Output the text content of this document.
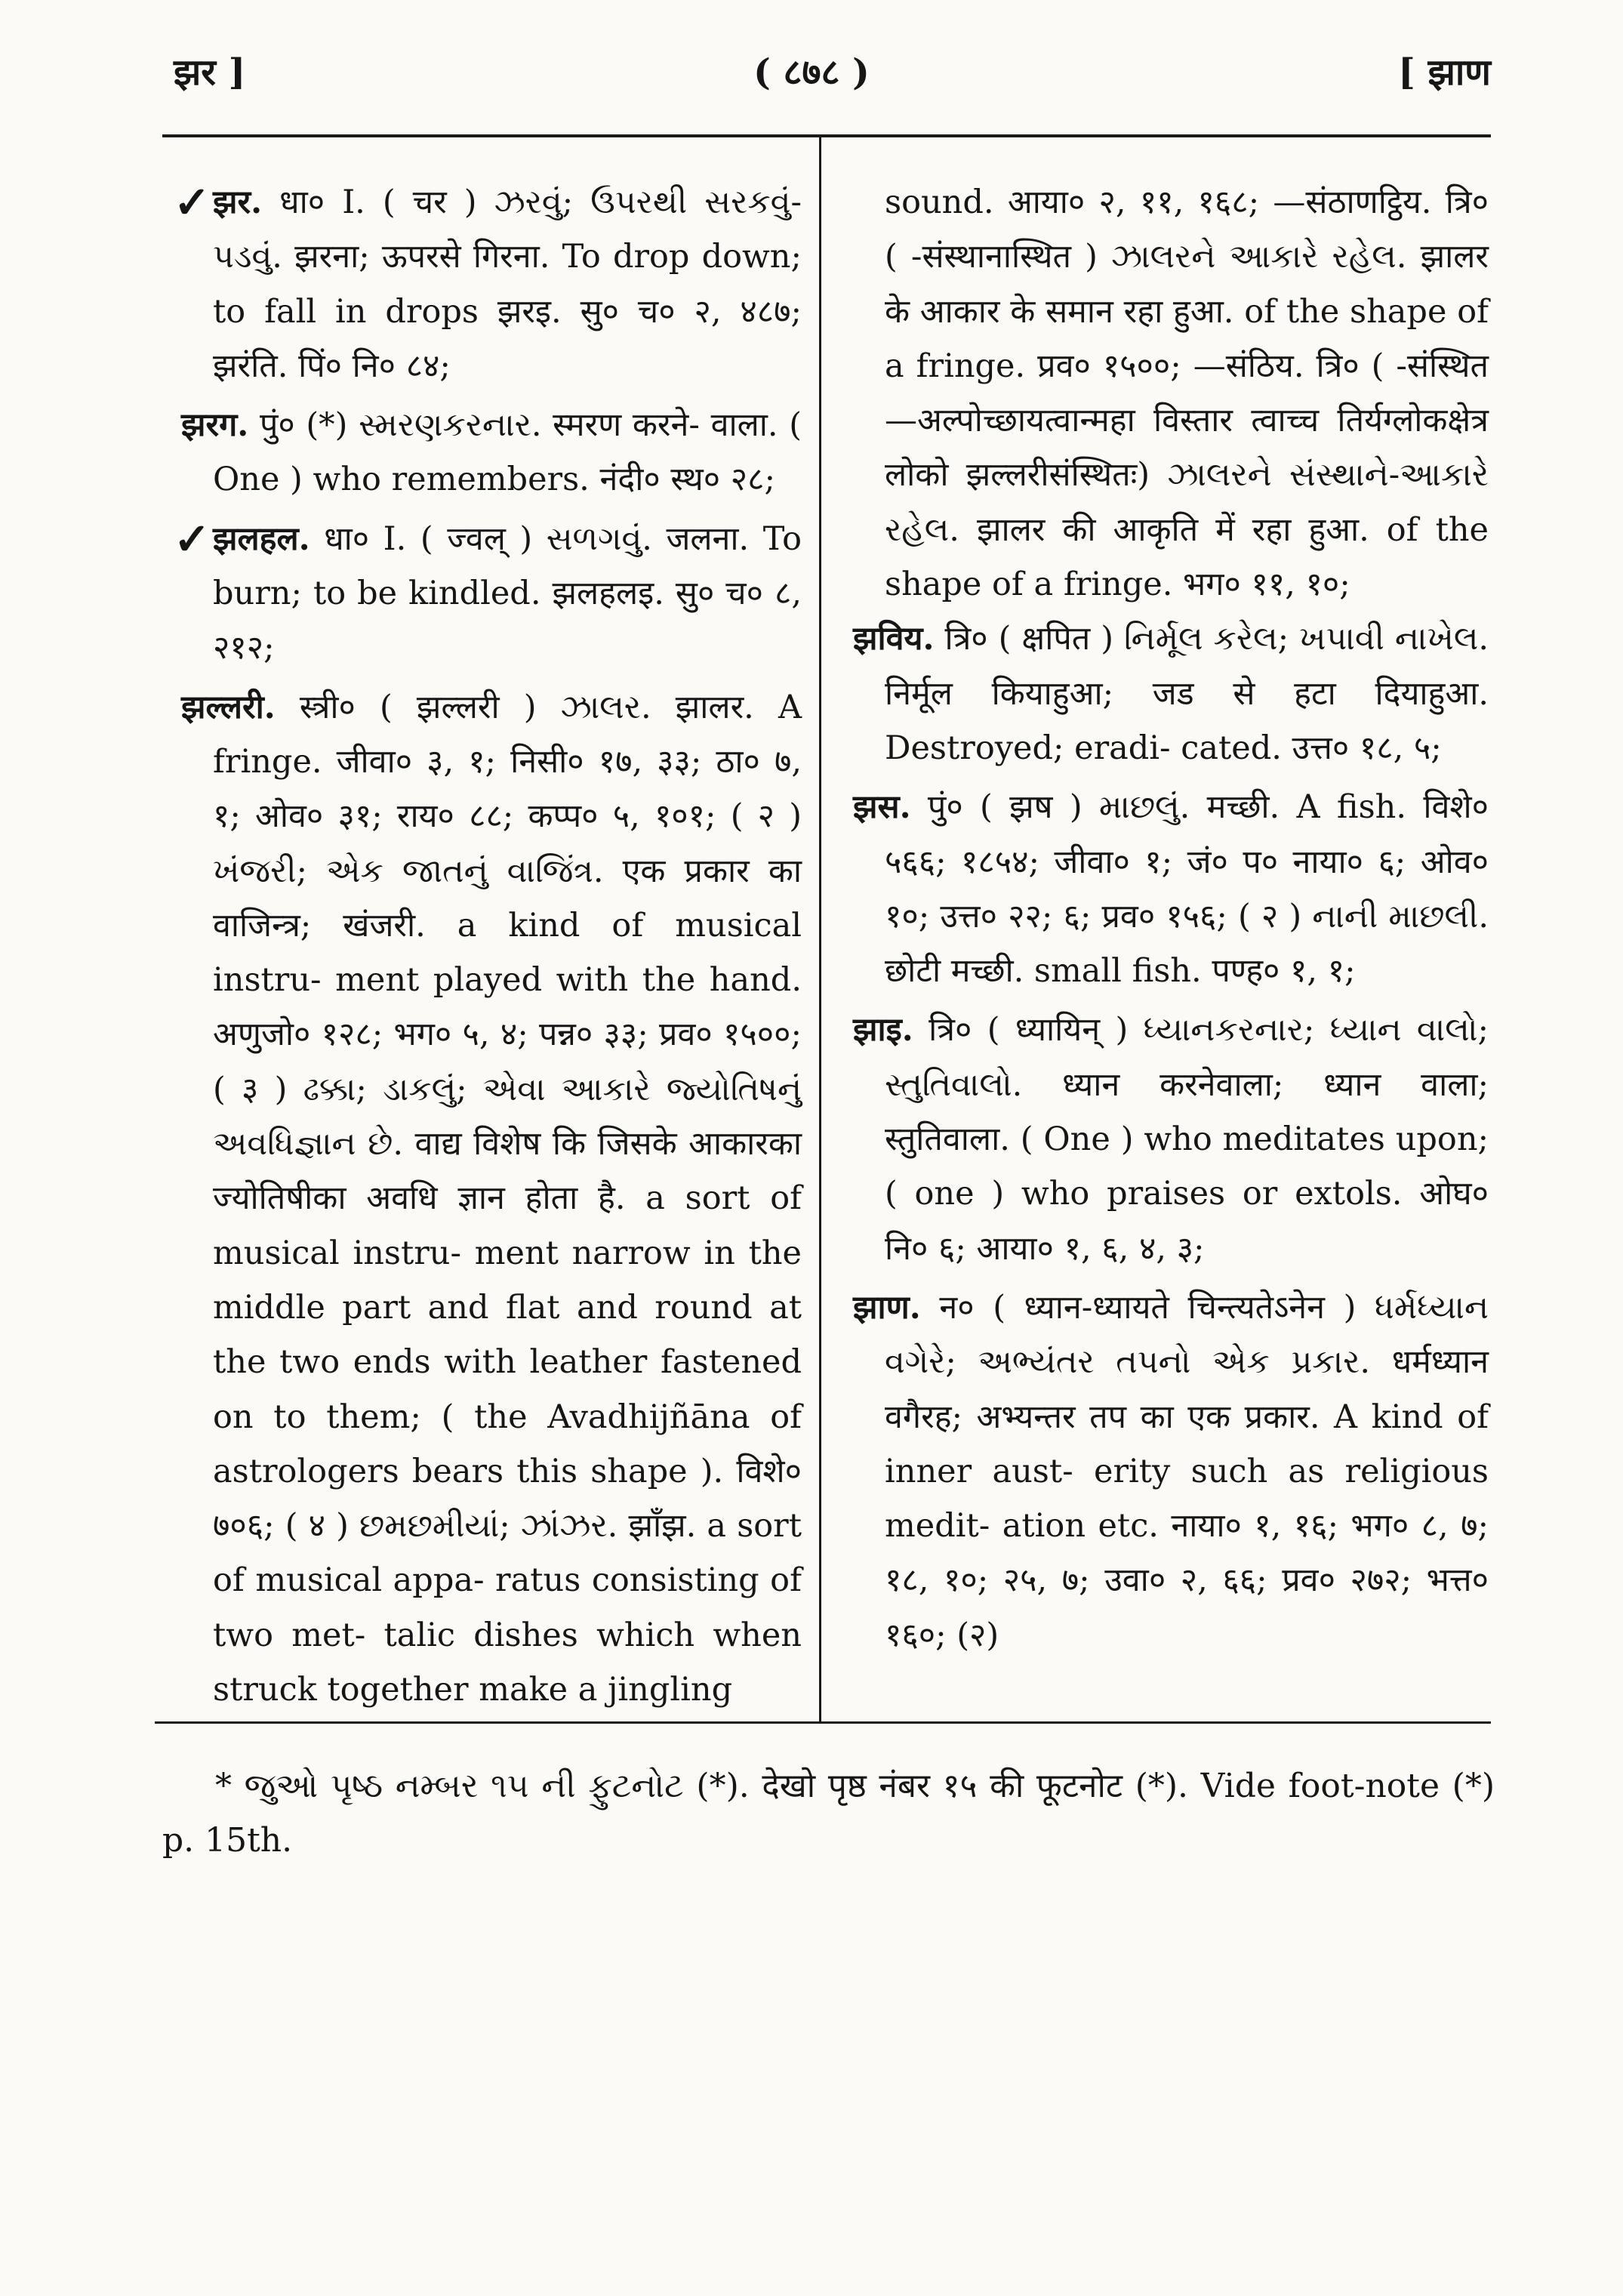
झर ]	( ८७८ )	[ झाण
✓ झर. धा० I. ( चर ) ઝરવું; ઉપરથી સરકવું-પડવું. झरना; ऊपरसे गिरना. To drop down; to fall in drops झरइ. सु० च० २, ४८७; झरंति. पिं० नि० ८४;
झरग. पुं० (*) સ્મરણકરનાર. स्मरण करने- वाला. ( One ) who remembers. नंदी० स्थ० २८;
✓ झलहल. धा० I. ( ज्वल् ) સળગવું. जलना. To burn; to be kindled. झलहलइ. सु० च० ८, २१२;
झल्लरी. स्त्री० ( झल्लरी ) ઝાલર. झालर. A fringe. जीवा० ३, १; निसी० १७, ३३; ठा० ७, १; ओव० ३१; राय० ८८; कप्प० ५, १०१; ( २ ) ખંજરી; એક જાતનું વાજિંત્ર. एक प्रकार का वाजिन्त्र; खंजरी. a kind of musical instru- ment played with the hand. अणुजो० १२८; भग० ५, ४; पन्न० ३३; प्रव० १५००; ( ३ ) ઢક્કા; ડાકલું; એવા આકારે જ્યોતિષનું અવધિજ્ઞાન છે. वाद्य विशेष कि जिसके आकारका ज्योतिषीका अवधि ज्ञान होता है. a sort of musical instru- ment narrow in the middle part and flat and round at the two ends with leather fastened on to them; ( the Avadhijñāna of astrologers bears this shape ). विशे० ७०६; ( ४ ) છમછમીયાં; ઝાંઝર. झाँझ. a sort of musical appa- ratus consisting of two met- talic dishes which when struck together make a jingling
sound. आया० २, ११, १६८; —संठाणट्ठिय. त्रि० ( -संस्थानास्थित ) ઝાલરને આકારે રહેલ. झालर के आकार के समान रहा हुआ. of the shape of a fringe. प्रव० १५००; —संठिय. त्रि० ( -संस्थित —अल्पोच्छायत्वान्महा विस्तार त्वाच्च तिर्यग्लोकक्षेत्र लोको झल्लरीसंस्थितः) ઝાલરને સંસ્થાને-આકારે રહેલ. झालर की आकृति में रहा हुआ. of the shape of a fringe. भग० ११, १०;
झविय. त्रि० ( क्षपित ) નિર્મૂલ કરેલ; ખપાવી નાખેલ. निर्मूल कियाहुआ; जड से हटा दियाहुआ. Destroyed; eradi- cated. उत्त० १८, ५;
झस. पुं० ( झष ) માછલું. मच्छी. A fish. विशे० ५६६; १८५४; जीवा० १; जं० प० नाया० ६; ओव० १०; उत्त० २२; ६; प्रव० १५६; ( २ ) નાની માછલી. छोटी मच्छी. small fish. पण्ह० १, १;
झाइ. त्रि० ( ध्यायिन् ) ધ્યાનકરનાર; ધ્યાન વાલો; સ્તુતિવાલો. ध्यान करनेवाला; ध्यान वाला; स्तुतिवाला. ( One ) who meditates upon; ( one ) who praises or extols. ओघ० नि० ६; आया० १, ६, ४, ३;
झाण. न० ( ध्यान-ध्यायते चिन्त्यतेऽनेन ) ધર્મધ્યાન વગેરે; અભ્યંતર તપનો એક પ્રકાર. धर्मध्यान वगैरह; अभ्यन्तर तप का एक प्रकार. A kind of inner aust- erity such as religious medit- ation etc. नाया० १, १६; भग० ८, ७; १८, १०; २५, ७; उवा० २, ६६; प्रव० २७२; भत्त० १६०; (२)
* જુઓ પૃષ્ઠ નમ્બર ૧૫ ની ફુટનોટ (*). देखो पृष्ठ नंबर १५ की फूटनोट (*). Vide foot-note (*) p. 15th.
